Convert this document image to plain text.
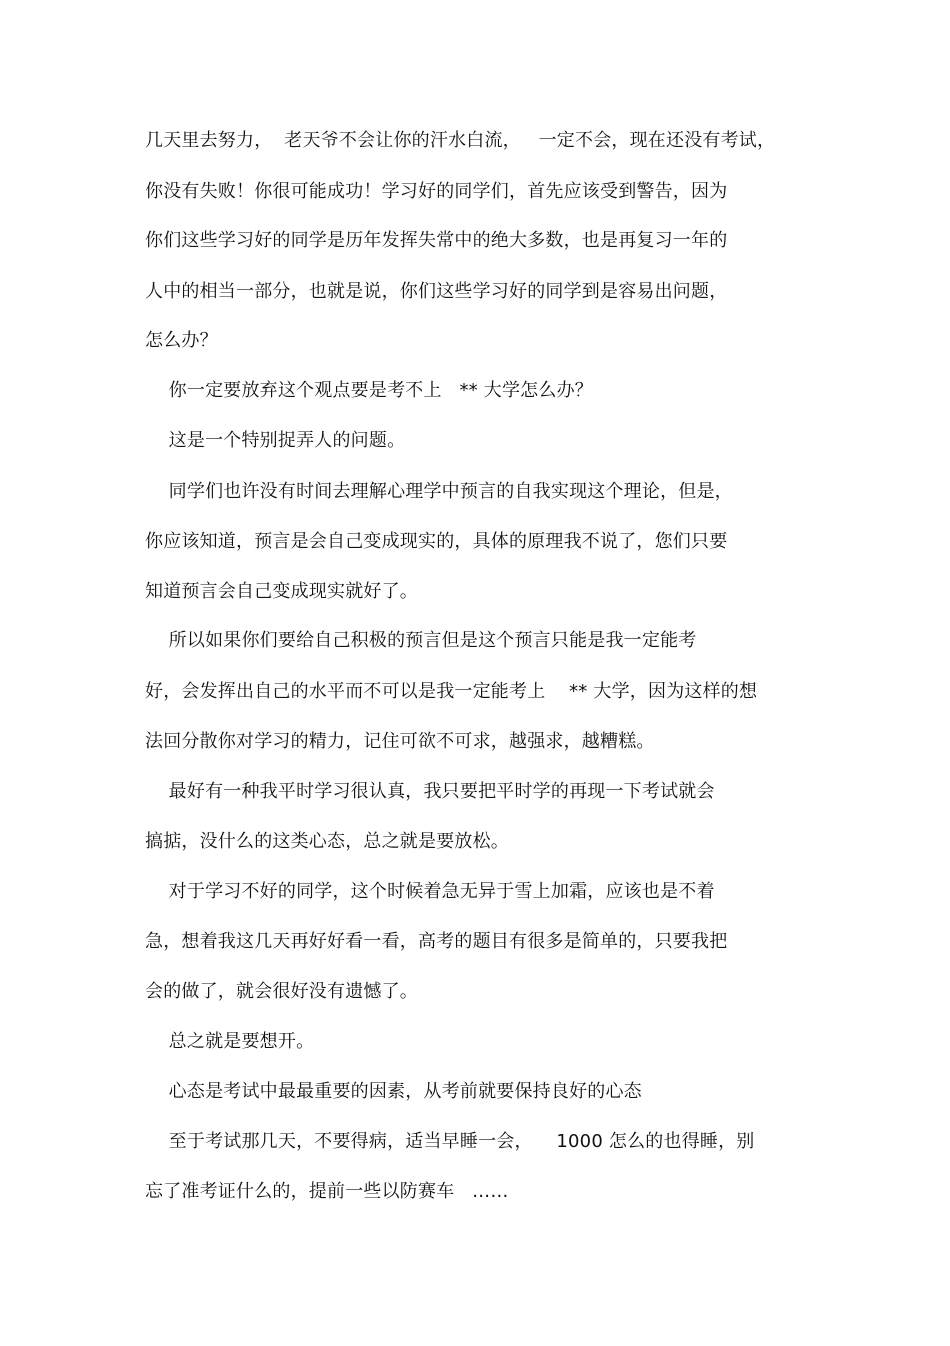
几天里去努力，  老天爷不会让你的汗水白流，   一定不会，现在还没有考试，
你没有失败！你很可能成功！学习好的同学们，首先应该受到警告，因为
你们这些学习好的同学是历年发挥失常中的绝大多数，也是再复习一年的
人中的相当一部分，也就是说，你们这些学习好的同学到是容易出问题，
怎么办？
你一定要放弃这个观点要是考不上   ** 大学怎么办？
这是一个特别捉弄人的问题。
同学们也许没有时间去理解心理学中预言的自我实现这个理论，但是，
你应该知道，预言是会自己变成现实的，具体的原理我不说了，您们只要
知道预言会自己变成现实就好了。
所以如果你们要给自己积极的预言但是这个预言只能是我一定能考
好，会发挥出自己的水平而不可以是我一定能考上    ** 大学，因为这样的想
法回分散你对学习的精力，记住可欲不可求，越强求，越糟糕。
最好有一种我平时学习很认真，我只要把平时学的再现一下考试就会
搞掂，没什么的这类心态，总之就是要放松。
对于学习不好的同学，这个时候着急无异于雪上加霜，应该也是不着
急，想着我这几天再好好看一看，高考的题目有很多是简单的，只要我把
会的做了，就会很好没有遗憾了。
总之就是要想开。
心态是考试中最最重要的因素，从考前就要保持良好的心态
至于考试那几天，不要得病，适当早睡一会，    1000 怎么的也得睡，别
忘了准考证什么的，提前一些以防赛车   ……
